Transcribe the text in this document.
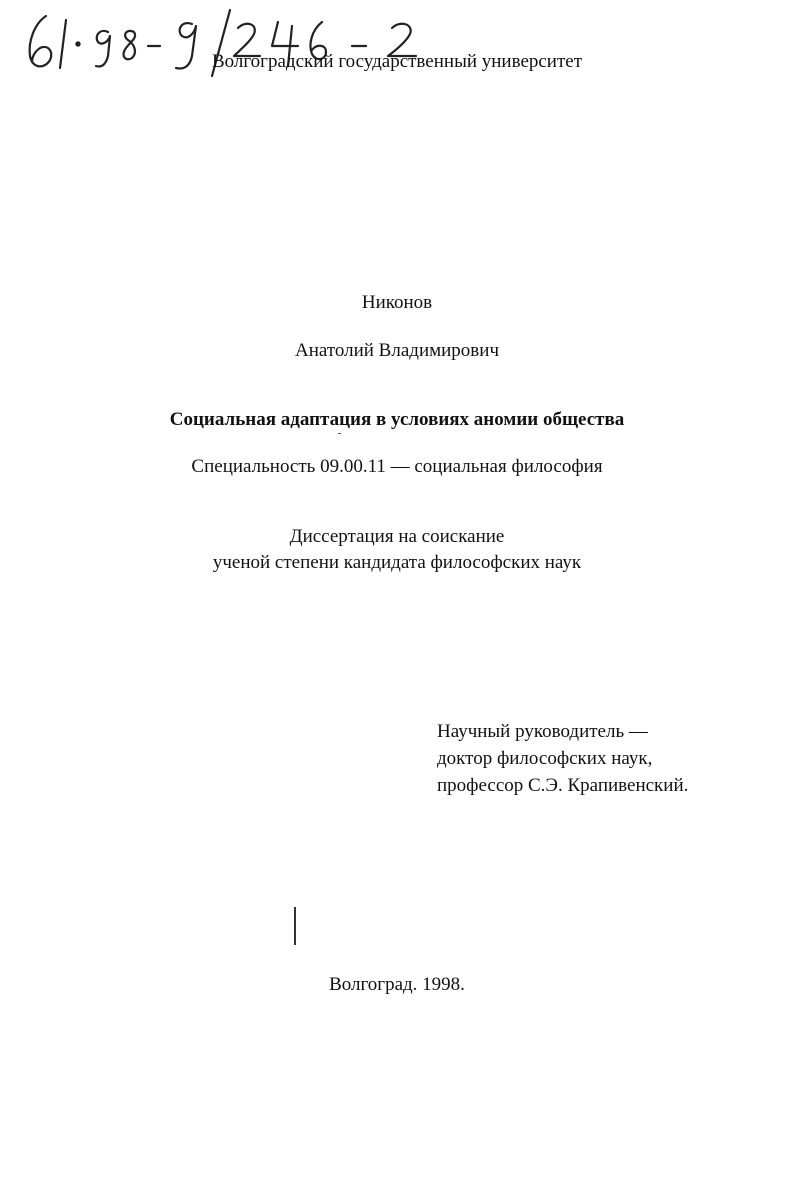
Волгоградский государственный университет
Никонов
Анатолий Владимирович
Социальная адаптация в условиях аномии общества
Специальность 09.00.11 — социальная философия
Диссертация на соискание
ученой степени кандидата философских наук
Научный руководитель —
доктор философских наук,
профессор С.Э. Крапивенский.
Волгоград. 1998.
